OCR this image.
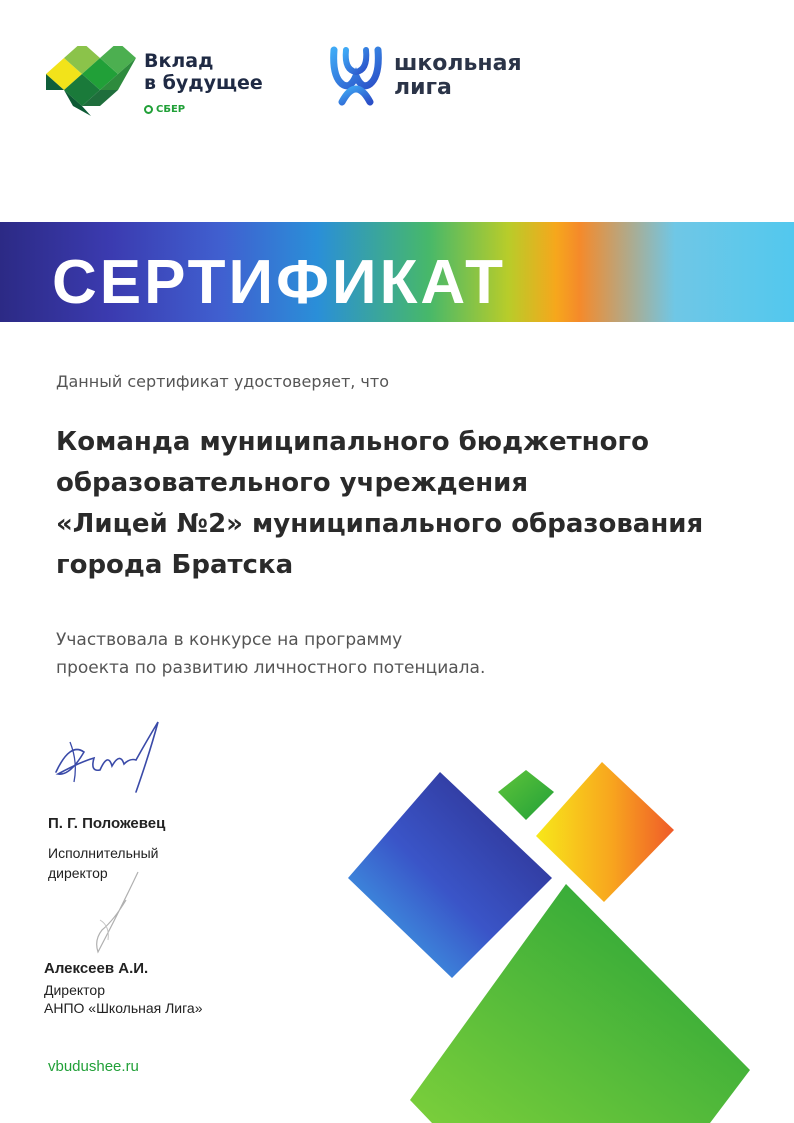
Вклад
в будущее
СБЕР
школьная
лига
СЕРТИФИКАТ
Данный сертификат удостоверяет, что
Команда муниципального бюджетного
образовательного учреждения
«Лицей №2» муниципального образования
города Братска
Участвовала в конкурсе на программу
проекта по развитию личностного потенциала.
П. Г. Положевец
Исполнительный
директор
Алексеев А.И.
Директор
АНПО «Школьная Лига»
vbudushee.ru
